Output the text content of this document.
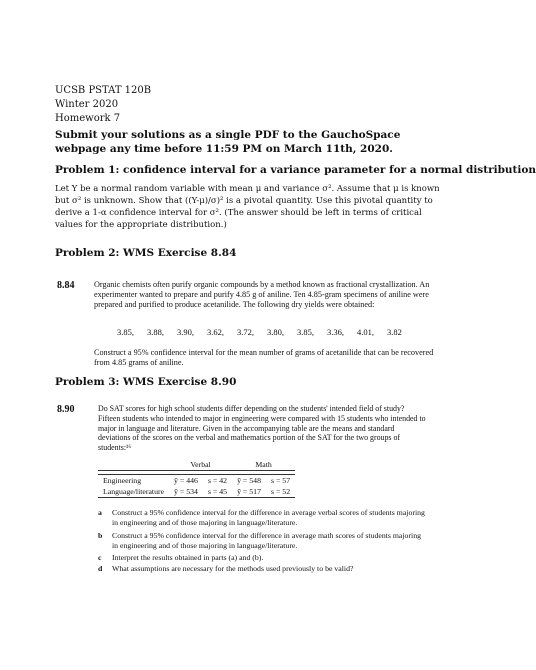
UCSB PSTAT 120B
Winter 2020
Homework 7
Submit your solutions as a single PDF to the GauchoSpace webpage any time before 11:59 PM on March 11th, 2020.
Problem 1: confidence interval for a variance parameter for a normal distribution
Let Y be a normal random variable with mean μ and variance σ². Assume that μ is known but σ² is unknown. Show that ((Y-μ)/σ)² is a pivotal quantity. Use this pivotal quantity to derive a 1-α confidence interval for σ². (The answer should be left in terms of critical values for the appropriate distribution.)
Problem 2: WMS Exercise 8.84
8.84 Organic chemists often purify organic compounds by a method known as fractional crystallization. An experimenter wanted to prepare and purify 4.85 g of aniline. Ten 4.85-gram specimens of aniline were prepared and purified to produce acetanilide. The following dry yields were obtained:
3.85, 3.88, 3.90, 3.62, 3.72, 3.80, 3.85, 3.36, 4.01, 3.82
Construct a 95% confidence interval for the mean number of grams of acetanilide that can be recovered from 4.85 grams of aniline.
Problem 3: WMS Exercise 8.90
8.90	Do SAT scores for high school students differ depending on the students' intended field of study? Fifteen students who intended to major in engineering were compared with 15 students who intended to major in language and literature. Given in the accompanying table are the means and standard deviations of the scores on the verbal and mathematics portion of the SAT for the two groups of students:¹⁶
	Verbal		Math	

Engineering	ȳ = 446	s = 42	ȳ = 548	s = 57
Language/literature	ȳ = 534	s = 45	ȳ = 517	s = 52
a Construct a 95% confidence interval for the difference in average verbal scores of students majoring in engineering and of those majoring in language/literature.
b Construct a 95% confidence interval for the difference in average math scores of students majoring in engineering and of those majoring in language/literature.
c Interpret the results obtained in parts (a) and (b).
d What assumptions are necessary for the methods used previously to be valid?
